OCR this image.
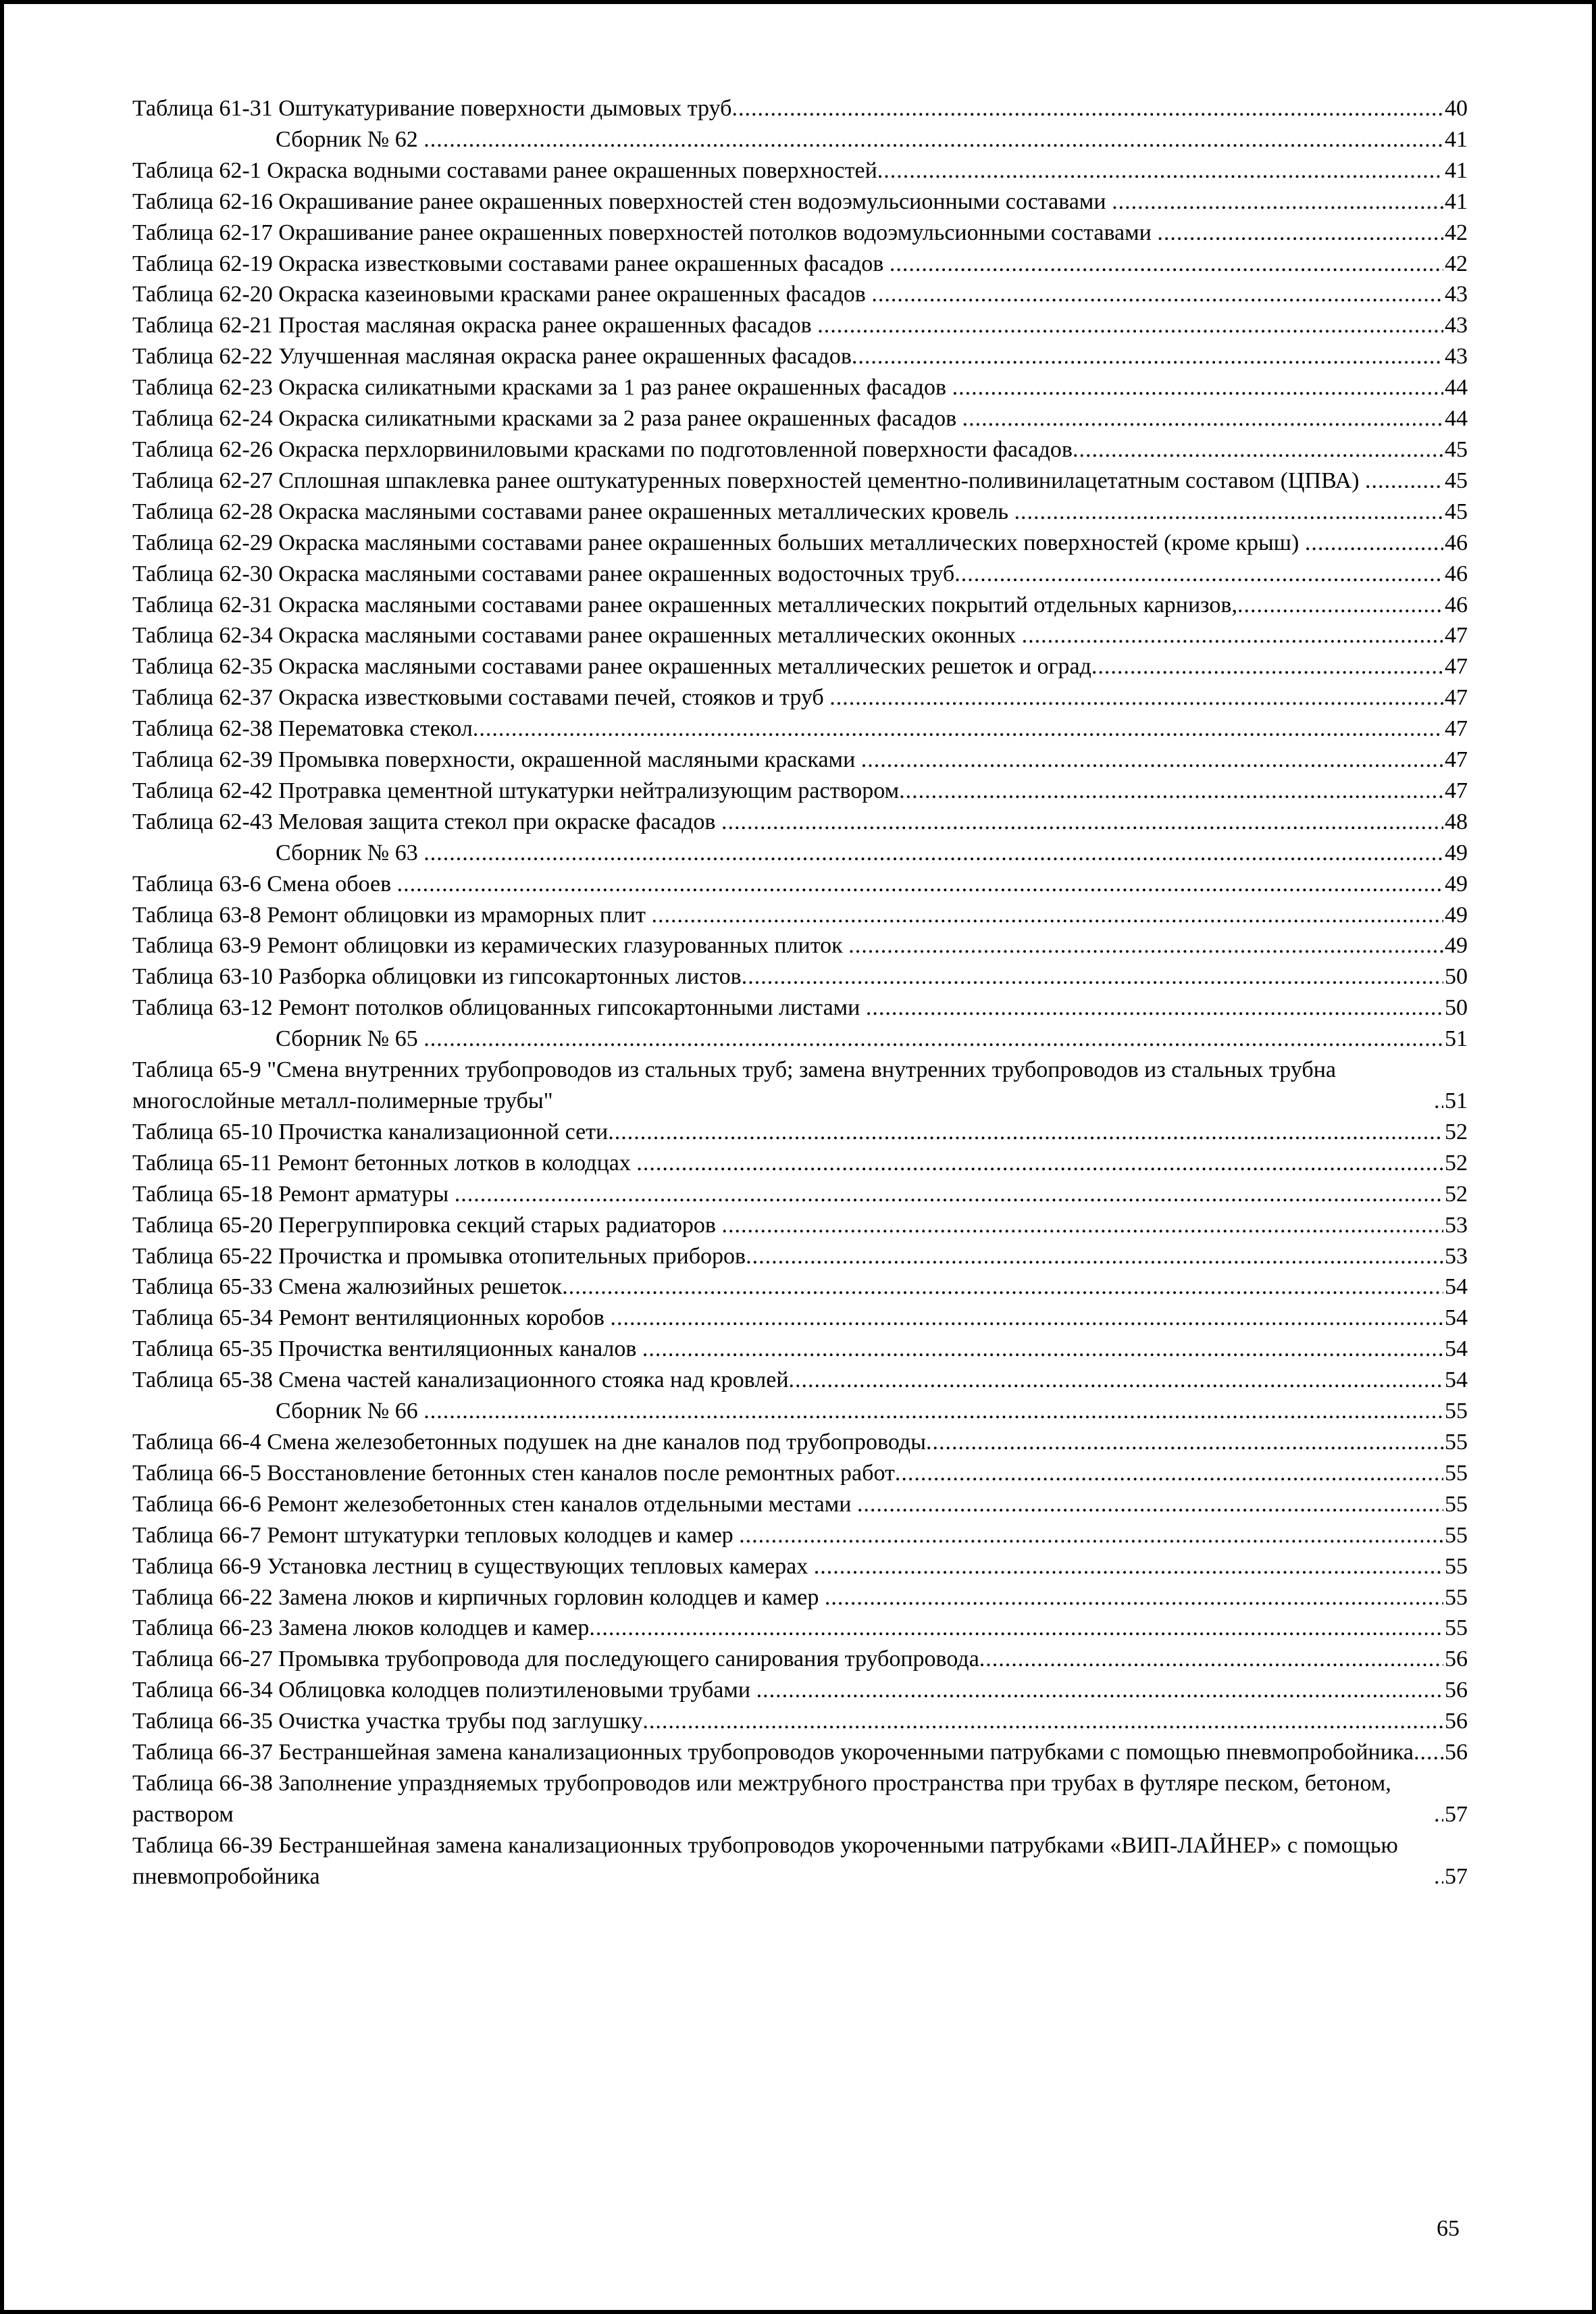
Таблица 61-31 Оштукатуривание поверхности дымовых труб .....	40
Сборник № 62 .....	41
Таблица 62-1 Окраска водными составами ранее окрашенных поверхностей .....	41
Таблица 62-16 Окрашивание ранее окрашенных поверхностей стен водоэмульсионными составами .....	41
Таблица 62-17 Окрашивание ранее окрашенных поверхностей потолков водоэмульсионными составами .....	42
Таблица 62-19 Окраска известковыми составами ранее окрашенных фасадов .....	42
Таблица 62-20 Окраска казеиновыми красками ранее окрашенных фасадов .....	43
Таблица 62-21 Простая масляная окраска ранее окрашенных фасадов .....	43
Таблица 62-22 Улучшенная масляная окраска ранее окрашенных фасадов .....	43
Таблица 62-23 Окраска силикатными красками за 1 раз ранее окрашенных фасадов .....	44
Таблица 62-24 Окраска силикатными красками за 2 раза ранее окрашенных фасадов .....	44
Таблица 62-26 Окраска перхлорвиниловыми красками по подготовленной поверхности фасадов .....	45
Таблица 62-27 Сплошная шпаклевка ранее оштукатуренных поверхностей цементно-поливинилацетатным составом (ЦПВА) .....	45
Таблица 62-28 Окраска масляными составами ранее окрашенных металлических кровель .....	45
Таблица 62-29 Окраска масляными составами ранее окрашенных больших металлических поверхностей (кроме крыш) .....	46
Таблица 62-30 Окраска масляными составами ранее окрашенных водосточных труб .....	46
Таблица 62-31 Окраска масляными составами ранее окрашенных металлических покрытий отдельных карнизов, .....	46
Таблица 62-34 Окраска масляными составами ранее окрашенных металлических оконных .....	47
Таблица 62-35 Окраска масляными составами ранее окрашенных металлических решеток и оград .....	47
Таблица 62-37 Окраска известковыми составами печей, стояков и труб .....	47
Таблица 62-38 Перематовка стекол .....	47
Таблица 62-39 Промывка поверхности, окрашенной масляными красками .....	47
Таблица 62-42 Протравка цементной штукатурки нейтрализующим раствором .....	47
Таблица 62-43 Меловая защита стекол при окраске фасадов .....	48
Сборник № 63 .....	49
Таблица 63-6 Смена обоев .....	49
Таблица 63-8 Ремонт облицовки из мраморных плит .....	49
Таблица 63-9 Ремонт облицовки из керамических глазурованных плиток .....	49
Таблица 63-10 Разборка облицовки из гипсокартонных листов .....	50
Таблица 63-12 Ремонт потолков облицованных гипсокартонными листами .....	50
Сборник № 65 .....	51
Таблица 65-9 "Смена внутренних трубопроводов из стальных труб; замена внутренних трубопроводов из стальных трубна многослойные металл-полимерные трубы" .....	51
Таблица 65-10 Прочистка канализационной сети .....	52
Таблица 65-11 Ремонт бетонных лотков в колодцах .....	52
Таблица 65-18 Ремонт арматуры .....	52
Таблица 65-20 Перегруппировка секций старых радиаторов .....	53
Таблица 65-22 Прочистка и промывка отопительных приборов .....	53
Таблица 65-33 Смена жалюзийных решеток .....	54
Таблица 65-34 Ремонт вентиляционных коробов .....	54
Таблица 65-35 Прочистка вентиляционных каналов .....	54
Таблица 65-38 Смена частей канализационного стояка над кровлей .....	54
Сборник № 66 .....	55
Таблица 66-4 Смена железобетонных подушек на дне каналов под трубопроводы .....	55
Таблица 66-5 Восстановление бетонных стен каналов после ремонтных работ .....	55
Таблица 66-6 Ремонт железобетонных стен каналов отдельными местами .....	55
Таблица 66-7 Ремонт штукатурки тепловых колодцев и камер .....	55
Таблица 66-9 Установка лестниц в существующих тепловых камерах .....	55
Таблица 66-22 Замена люков и кирпичных горловин колодцев и камер .....	55
Таблица 66-23 Замена люков колодцев и камер .....	55
Таблица 66-27 Промывка трубопровода для последующего санирования трубопровода .....	56
Таблица 66-34 Облицовка колодцев полиэтиленовыми трубами .....	56
Таблица 66-35 Очистка участка трубы под заглушку .....	56
Таблица 66-37 Бестраншейная замена канализационных трубопроводов укороченными патрубками с помощью пневмопробойника ..... 56
Таблица 66-38 Заполнение упраздняемых трубопроводов или межтрубного пространства при трубах в футляре песком, бетоном, раствором .....	57
Таблица 66-39 Бестраншейная замена канализационных трубопроводов укороченными патрубками «ВИП-ЛАЙНЕР» с помощью пневмопробойника .....	57
65
